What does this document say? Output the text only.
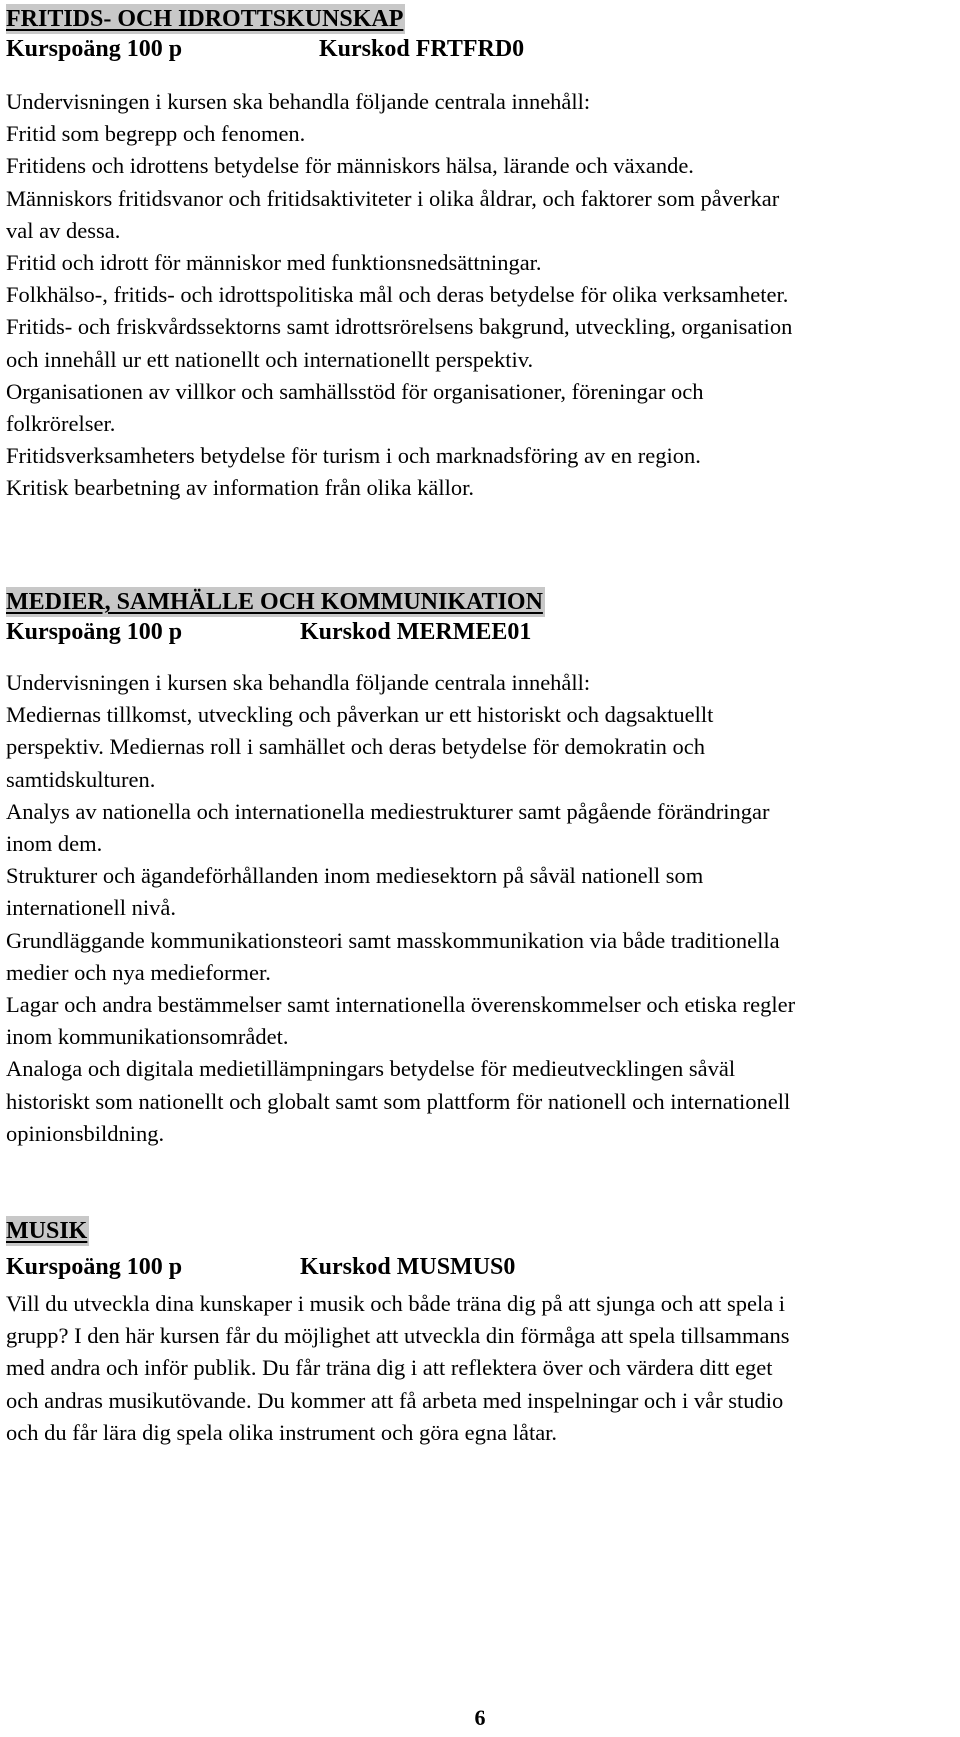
FRITIDS- OCH IDROTTSKUNSKAP
Kurspoäng 100 p	Kurskod FRTFRD0
Undervisningen i kursen ska behandla följande centrala innehåll:
Fritid som begrepp och fenomen.
Fritidens och idrottens betydelse för människors hälsa, lärande och växande.
Människors fritidsvanor och fritidsaktiviteter i olika åldrar, och faktorer som påverkar
val av dessa.
Fritid och idrott för människor med funktionsnedsättningar.
Folkhälso-, fritids- och idrottspolitiska mål och deras betydelse för olika verksamheter.
Fritids- och friskvårdssektorns samt idrottsrörelsens bakgrund, utveckling, organisation
och innehåll ur ett nationellt och internationellt perspektiv.
Organisationen av villkor och samhällsstöd för organisationer, föreningar och
folkrörelser.
Fritidsverksamheters betydelse för turism i och marknadsföring av en region.
Kritisk bearbetning av information från olika källor.
MEDIER, SAMHÄLLE OCH KOMMUNIKATION
Kurspoäng 100 p	Kurskod MERMEE01
Undervisningen i kursen ska behandla följande centrala innehåll:
Mediernas tillkomst, utveckling och påverkan ur ett historiskt och dagsaktuellt
perspektiv. Mediernas roll i samhället och deras betydelse för demokratin och
samtidskulturen.
Analys av nationella och internationella mediestrukturer samt pågående förändringar
inom dem.
Strukturer och ägandeförhållanden inom mediesektorn på såväl nationell som
internationell nivå.
Grundläggande kommunikationsteori samt masskommunikation via både traditionella
medier och nya medieformer.
Lagar och andra bestämmelser samt internationella överenskommelser och etiska regler
inom kommunikationsområdet.
Analoga och digitala medietillämpningars betydelse för medieutvecklingen såväl
historiskt som nationellt och globalt samt som plattform för nationell och internationell
opinionsbildning.
MUSIK
Kurspoäng 100 p	Kurskod MUSMUS0
Vill du utveckla dina kunskaper i musik och både träna dig på att sjunga och att spela i
grupp? I den här kursen får du möjlighet att utveckla din förmåga att spela tillsammans
med andra och inför publik. Du får träna dig i att reflektera över och värdera ditt eget
och andras musikutövande. Du kommer att få arbeta med inspelningar och i vår studio
och du får lära dig spela olika instrument och göra egna låtar.
6
